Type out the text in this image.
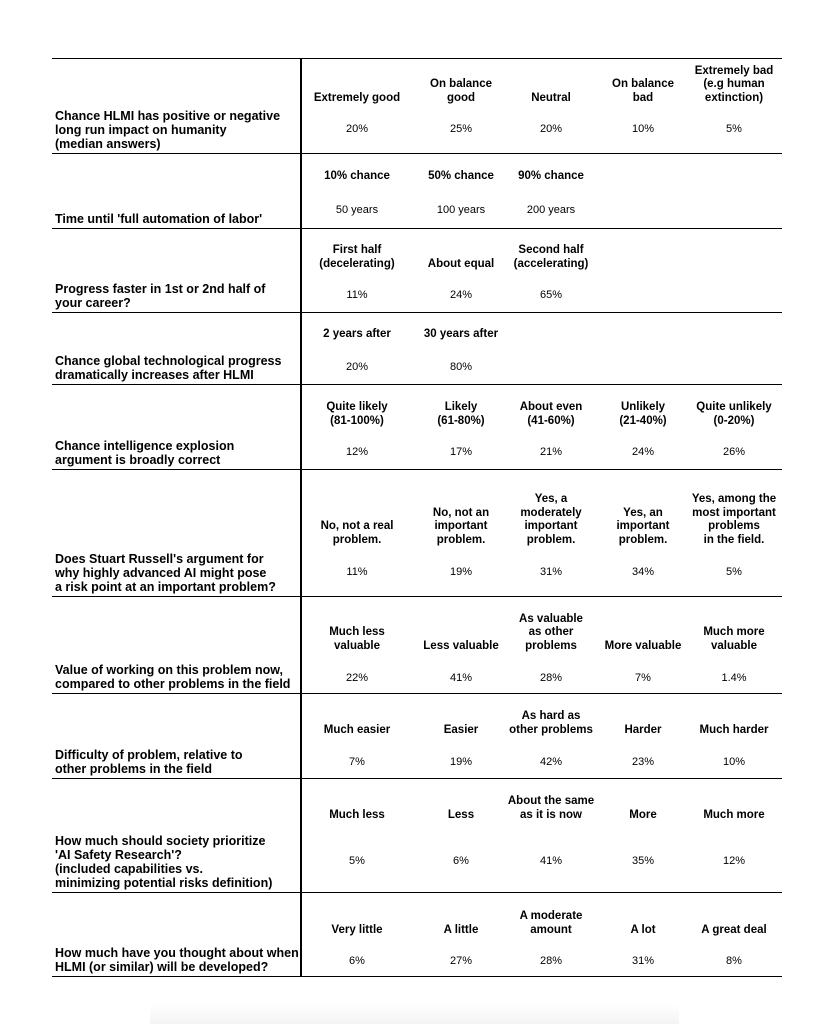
Chance HLMI has positive or negative
long run impact on humanity
(median answers)
Extremely good
20%
On balance
good
25%
Neutral
20%
On balance
bad
10%
Extremely bad
(e.g human
extinction)
5%
Time until 'full automation of labor'
10% chance
50 years
50% chance
100 years
90% chance
200 years
Progress faster in 1st or 2nd half of
your career?
First half
(decelerating)
11%
About equal
24%
Second half
(accelerating)
65%
Chance global technological progress
dramatically increases after HLMI
2 years after
20%
30 years after
80%
Chance intelligence explosion
argument is broadly correct
Quite likely
(81-100%)
12%
Likely
(61-80%)
17%
About even
(41-60%)
21%
Unlikely
(21-40%)
24%
Quite unlikely
(0-20%)
26%
Does Stuart Russell's argument for
why highly advanced AI might pose
a risk point at an important problem?
No, not a real
problem.
11%
No, not an
important
problem.
19%
Yes, a
moderately
important
problem.
31%
Yes, an
important
problem.
34%
Yes, among the
most important
problems
in the field.
5%
Value of working on this problem now,
compared to other problems in the field
Much less valuable
22%
Less valuable
41%
As valuable
as other
problems
28%
More valuable
7%
Much more
valuable
1.4%
Difficulty of problem, relative to
other problems in the field
Much easier
7%
Easier
19%
As hard as
other problems
42%
Harder
23%
Much harder
10%
How much should society prioritize
'AI Safety Research'?
(included capabilities vs.
minimizing potential risks definition)
Much less
5%
Less
6%
About the same
as it is now
41%
More
35%
Much more
12%
How much have you thought about when
HLMI (or similar) will be developed?
Very little
6%
A little
27%
A moderate
amount
28%
A lot
31%
A great deal
8%
